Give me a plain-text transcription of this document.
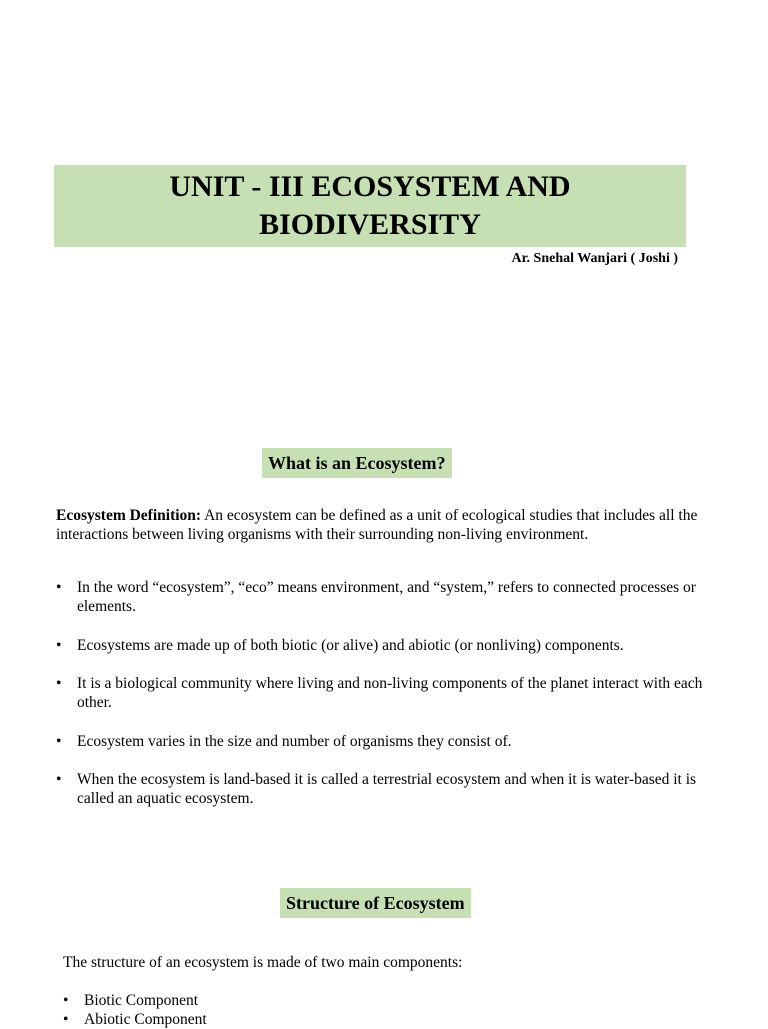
UNIT - III ECOSYSTEM AND BIODIVERSITY
Ar. Snehal Wanjari ( Joshi )
What is an Ecosystem?

Ecosystem Definition: An ecosystem can be defined as a unit of ecological studies that includes all the interactions between living organisms with their surrounding non-living environment.

• In the word “ecosystem”, “eco” means environment, and “system,” refers to connected processes or elements.
• Ecosystems are made up of both biotic (or alive) and abiotic (or nonliving) components.
• It is a biological community where living and non-living components of the planet interact with each other.
• Ecosystem varies in the size and number of organisms they consist of.
• When the ecosystem is land-based it is called a terrestrial ecosystem and when it is water-based it is called an aquatic ecosystem.
Structure of Ecosystem

The structure of an ecosystem is made of two main components:

• Biotic Component
• Abiotic Component
